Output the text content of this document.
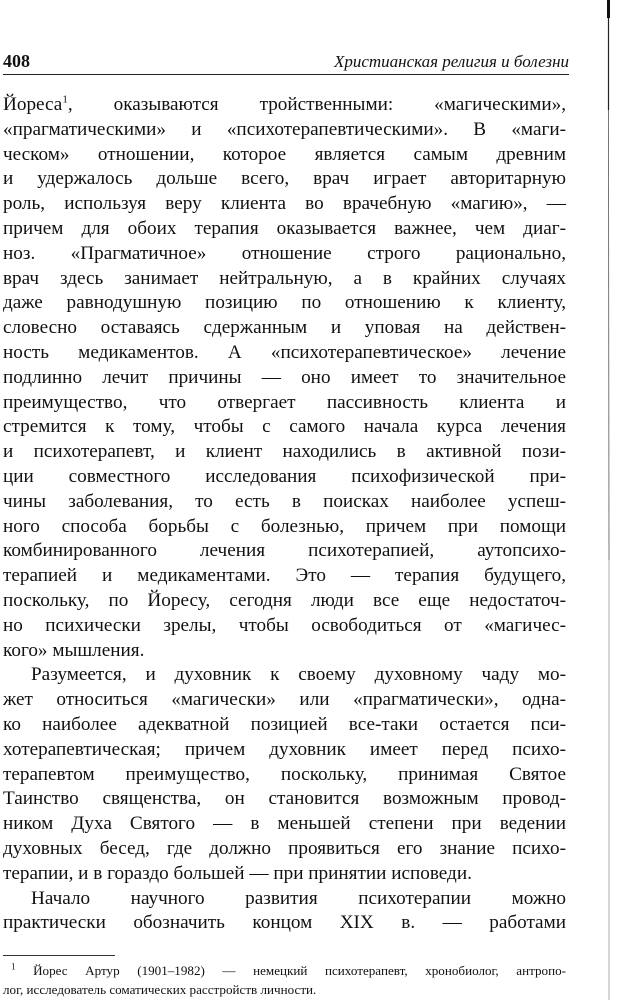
408	Христианская религия и болезни
Йореса$^1$, оказываются тройственными: «магическими»,
«прагматическими» и «психотерапевтическими». В «маги-
ческом» отношении, которое является самым древним
и удержалось дольше всего, врач играет авторитарную
роль, используя веру клиента во врачебную «магию», —
причем для обоих терапия оказывается важнее, чем диаг-
ноз. «Прагматичное» отношение строго рационально,
врач здесь занимает нейтральную, а в крайних случаях
даже равнодушную позицию по отношению к клиенту,
словесно оставаясь сдержанным и уповая на действен-
ность медикаментов. А «психотерапевтическое» лечение
подлинно лечит причины — оно имеет то значительное
преимущество, что отвергает пассивность клиента и
стремится к тому, чтобы с самого начала курса лечения
и психотерапевт, и клиент находились в активной пози-
ции совместного исследования психофизической при-
чины заболевания, то есть в поисках наиболее успеш-
ного способа борьбы с болезнью, причем при помощи
комбинированного лечения психотерапией, аутопсихо-
терапией и медикаментами. Это — терапия будущего,
поскольку, по Йоресу, сегодня люди все еще недостаточ-
но психически зрелы, чтобы освободиться от «магичес-
кого» мышления.
Разумеется, и духовник к своему духовному чаду мо-
жет относиться «магически» или «прагматически», одна-
ко наиболее адекватной позицией все-таки остается пси-
хотерапевтическая; причем духовник имеет перед психо-
терапевтом преимущество, поскольку, принимая Святое
Таинство священства, он становится возможным провод-
ником Духа Святого — в меньшей степени при ведении
духовных бесед, где должно проявиться его знание психо-
терапии, и в гораздо большей — при принятии исповеди.
Начало научного развития психотерапии можно
практически обозначить концом XIX в. — работами
$^1$ Йорес Артур (1901–1982) — немецкий психотерапевт, хронобиолог, антропо-
лог, исследователь соматических расстройств личности.
